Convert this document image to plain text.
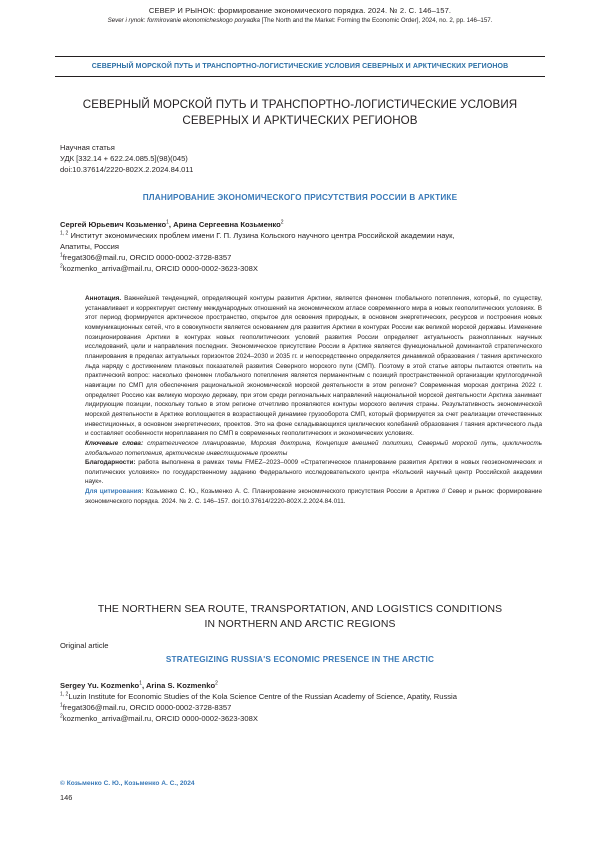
СЕВЕР И РЫНОК: формирование экономического порядка. 2024. № 2. С. 146–157.
Sever i rynok: formirovanie ekonomicheskogo poryadka [The North and the Market: Forming the Economic Order], 2024, no. 2, pp. 146–157.
СЕВЕРНЫЙ МОРСКОЙ ПУТЬ И ТРАНСПОРТНО-ЛОГИСТИЧЕСКИЕ УСЛОВИЯ СЕВЕРНЫХ И АРКТИЧЕСКИХ РЕГИОНОВ
СЕВЕРНЫЙ МОРСКОЙ ПУТЬ И ТРАНСПОРТНО-ЛОГИСТИЧЕСКИЕ УСЛОВИЯ
СЕВЕРНЫХ И АРКТИЧЕСКИХ РЕГИОНОВ
Научная статья
УДК [332.14 + 622.24.085.5](98)(045)
doi:10.37614/2220-802X.2.2024.84.011
ПЛАНИРОВАНИЕ ЭКОНОМИЧЕСКОГО ПРИСУТСТВИЯ РОССИИ В АРКТИКЕ
Сергей Юрьевич Козьменко$^1$, Арина Сергеевна Козьменко$^2$
$^{1, 2}$ Институт экономических проблем имени Г. П. Лузина Кольского научного центра Российской академии наук,
Апатиты, Россия
$^1$fregat306@mail.ru, ORCID 0000-0002-3728-8357
$^2$kozmenko_arriva@mail.ru, ORCID 0000-0002-3623-308X

Аннотация. Важнейшей тенденцией, определяющей контуры развития Арктики, является феномен глобального потепления, который, по существу, устанавливает и корректирует систему международных отношений на экономическом атласе современного мира в новых геополитических условиях. В этот период формируется арктическое пространство, открытое для освоения природных, в основном энергетических, ресурсов и построения новых коммуникационных сетей, что в совокупности является основанием для развития Арктики в контурах России как великой морской державы. Изменение позиционирования Арктики в контурах новых геополитических условий развития России определяет актуальность разнопланных научных исследований, цели и направления последних. Экономическое присутствие России в Арктике является функциональной доминантой стратегического планирования в пределах актуальных горизонтов 2024–2030 и 2035 гг. и непосредственно определяется динамикой образования / таяния арктического льда наряду с достижением плановых показателей развития Северного морского пути (СМП). Поэтому в этой статье авторы пытаются ответить на практический вопрос: насколько феномен глобального потепления является перманентным с позиций пространственной организации круглогодичной навигации по СМП для обеспечения рациональной экономической морской деятельности в этом регионе? Современная морская доктрина 2022 г. определяет Россию как великую морскую державу, при этом среди региональных направлений национальной морской деятельности Арктика занимает лидирующие позиции, поскольку только в этом регионе отчетливо проявляются контуры морского величия страны. Результативность экономической морской деятельности в Арктике воплощается в возрастающей динамике грузооборота СМП, который формируется за счет реализации отечественных инвестиционных, в основном энергетических, проектов. Это на фоне складывающихся циклических колебаний образования / таяния арктического льда и составляет особенности мореплавания по СМП в современных геополитических и экономических условиях.

Ключевые слова: стратегическое планирование, Морская доктрина, Концепция внешней политики, Северный морской путь, цикличность глобального потепления, арктические инвестиционные проекты

Благодарности: работа выполнена в рамках темы FMEZ–2023–0009 «Стратегическое планирование развития Арктики в новых геоэкономических и политических условиях» по государственному заданию Федерального исследовательского центра «Кольский научный центр Российской академии наук».

Для цитирования: Козьменко С. Ю., Козьменко А. С. Планирование экономического присутствия России в Арктике // Север и рынок: формирование экономического порядка. 2024. № 2. С. 146–157. doi:10.37614/2220-802X.2.2024.84.011.

THE NORTHERN SEA ROUTE, TRANSPORTATION, AND LOGISTICS CONDITIONS
IN NORTHERN AND ARCTIC REGIONS
Original article
STRATEGIZING RUSSIA'S ECONOMIC PRESENCE IN THE ARCTIC
Sergey Yu. Kozmenko$^1$, Arina S. Kozmenko$^2$
$^{1, 2}$Luzin Institute for Economic Studies of the Kola Science Centre of the Russian Academy of Science, Apatity, Russia
$^1$fregat306@mail.ru, ORCID 0000-0002-3728-8357
$^2$kozmenko_arriva@mail.ru, ORCID 0000-0002-3623-308X
© Козьменко С. Ю., Козьменко А. С., 2024
146
